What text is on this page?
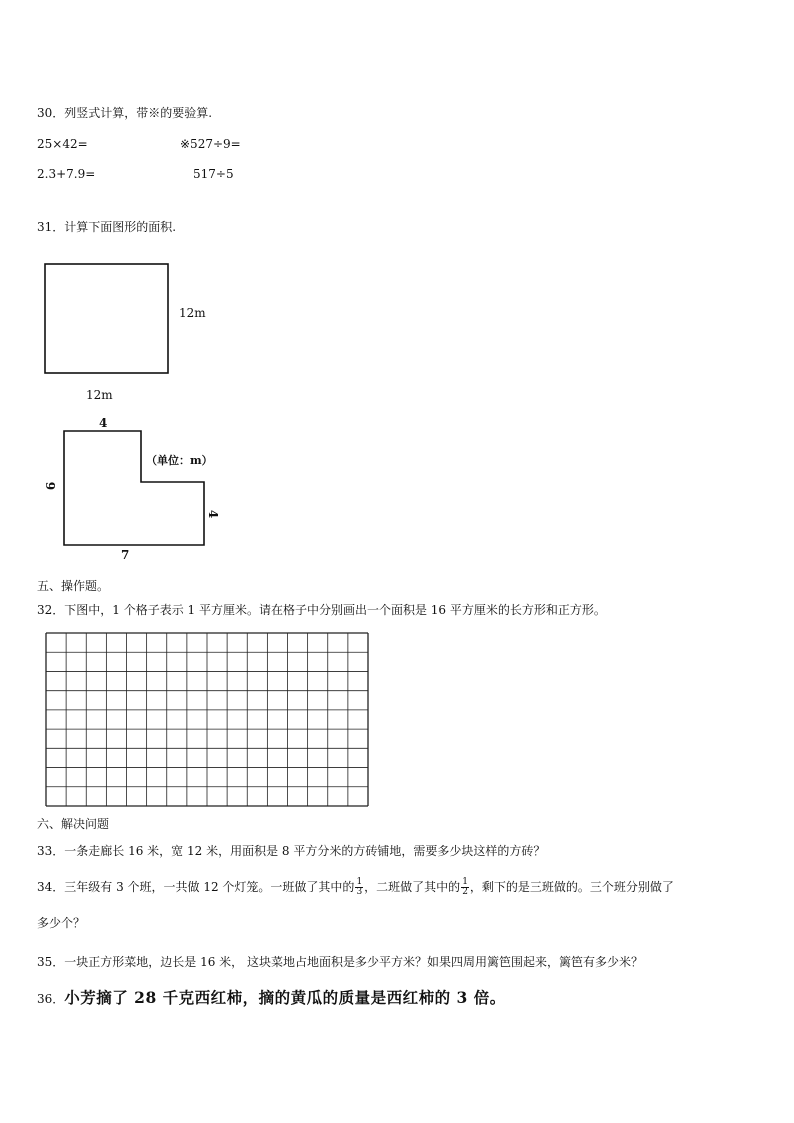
30．列竖式计算，带※的要验算.
25×42=	※527÷9=
2.3+7.9=	517÷5
31．计算下面图形的面积.
12m
12m
4
6
4
7
（单位：m）
五、操作题。
32．下图中，1 个格子表示 1 平方厘米。请在格子中分别画出一个面积是 16 平方厘米的长方形和正方形。
六、解决问题
33．一条走廊长 16 米，宽 12 米，用面积是 8 平方分米的方砖铺地，需要多少块这样的方砖？
34．三年级有 3 个班，一共做 12 个灯笼。一班做了其中的 $\frac{1}{3}$ ，二班做了其中的 $\frac{1}{2}$ ，剩下的是三班做的。三个班分别做了
多少个？
35．一块正方形菜地，边长是 16 米， 这块菜地占地面积是多少平方米？如果四周用篱笆围起来，篱笆有多少米？
36．小芳摘了 28 千克西红柿，摘的黄瓜的质量是西红柿的 3 倍。
